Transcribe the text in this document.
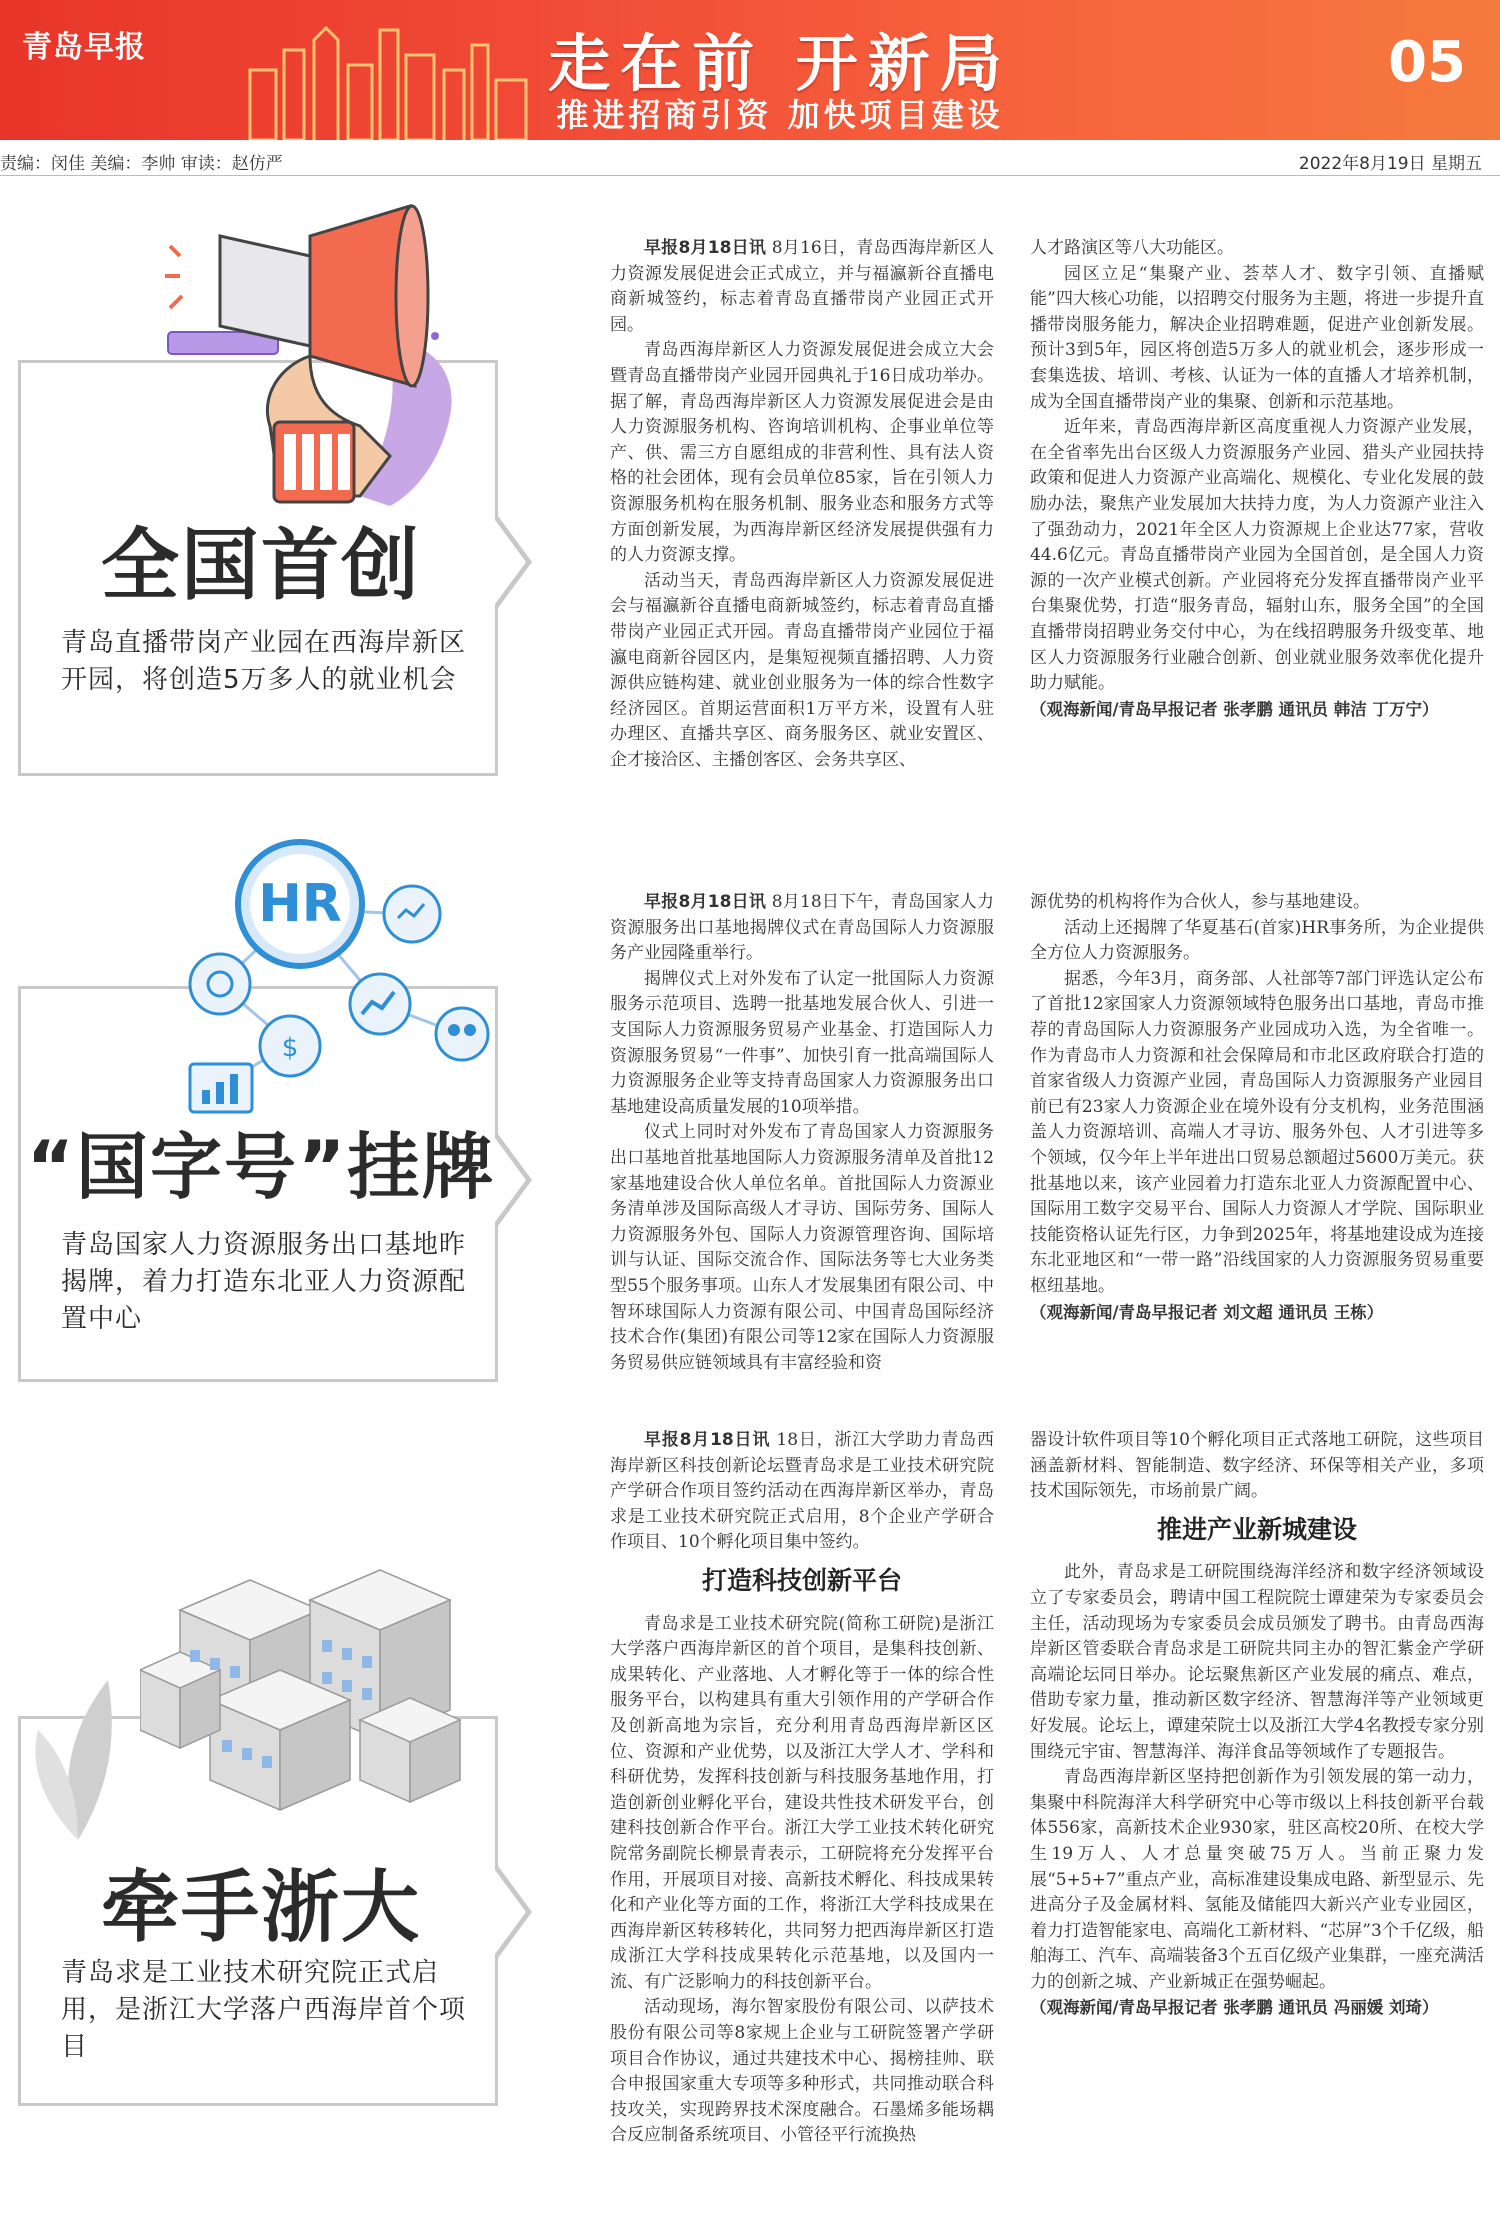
青岛早报	走在前 开新局
推进招商引资 加快项目建设
05
责编：闵佳 美编：李帅 审读：赵仿严	2022年8月19日 星期五
全国首创
青岛直播带岗产业园在西海岸新区开园，将创造5万多人的就业机会

早报8月18日讯 8月16日，青岛西海岸新区人力资源发展促进会正式成立，并与福瀛新谷直播电商新城签约，标志着青岛直播带岗产业园正式开园。

青岛西海岸新区人力资源发展促进会成立大会暨青岛直播带岗产业园开园典礼于16日成功举办。据了解，青岛西海岸新区人力资源发展促进会是由人力资源服务机构、咨询培训机构、企事业单位等产、供、需三方自愿组成的非营利性、具有法人资格的社会团体，现有会员单位85家，旨在引领人力资源服务机构在服务机制、服务业态和服务方式等方面创新发展，为西海岸新区经济发展提供强有力的人力资源支撑。

活动当天，青岛西海岸新区人力资源发展促进会与福瀛新谷直播电商新城签约，标志着青岛直播带岗产业园正式开园。青岛直播带岗产业园位于福瀛电商新谷园区内，是集短视频直播招聘、人力资源供应链构建、就业创业服务为一体的综合性数字经济园区。首期运营面积1万平方米，设置有人驻办理区、直播共享区、商务服务区、就业安置区、企才接洽区、主播创客区、会务共享区、

人才路演区等八大功能区。

园区立足“集聚产业、荟萃人才、数字引领、直播赋能”四大核心功能，以招聘交付服务为主题，将进一步提升直播带岗服务能力，解决企业招聘难题，促进产业创新发展。预计3到5年，园区将创造5万多人的就业机会，逐步形成一套集选拔、培训、考核、认证为一体的直播人才培养机制，成为全国直播带岗产业的集聚、创新和示范基地。

近年来，青岛西海岸新区高度重视人力资源产业发展，在全省率先出台区级人力资源服务产业园、猎头产业园扶持政策和促进人力资源产业高端化、规模化、专业化发展的鼓励办法，聚焦产业发展加大扶持力度，为人力资源产业注入了强劲动力，2021年全区人力资源规上企业达77家，营收44.6亿元。青岛直播带岗产业园为全国首创，是全国人力资源的一次产业模式创新。产业园将充分发挥直播带岗产业平台集聚优势，打造“服务青岛，辐射山东，服务全国”的全国直播带岗招聘业务交付中心，为在线招聘服务升级变革、地区人力资源服务行业融合创新、创业就业服务效率优化提升助力赋能。

（观海新闻/青岛早报记者 张孝鹏 通讯员 韩洁 丁万宁）

“国字号”挂牌
青岛国家人力资源服务出口基地昨揭牌，着力打造东北亚人力资源配置中心
$
HR	早报8月18日讯 8月18日下午，青岛国家人力资源服务出口基地揭牌仪式在青岛国际人力资源服务产业园隆重举行。

揭牌仪式上对外发布了认定一批国际人力资源服务示范项目、选聘一批基地发展合伙人、引进一支国际人力资源服务贸易产业基金、打造国际人力资源服务贸易“一件事”、加快引育一批高端国际人力资源服务企业等支持青岛国家人力资源服务出口基地建设高质量发展的10项举措。

仪式上同时对外发布了青岛国家人力资源服务出口基地首批基地国际人力资源服务清单及首批12家基地建设合伙人单位名单。首批国际人力资源业务清单涉及国际高级人才寻访、国际劳务、国际人力资源服务外包、国际人力资源管理咨询、国际培训与认证、国际交流合作、国际法务等七大业务类型55个服务事项。山东人才发展集团有限公司、中智环球国际人力资源有限公司、中国青岛国际经济技术合作(集团)有限公司等12家在国际人力资源服务贸易供应链领域具有丰富经验和资

源优势的机构将作为合伙人，参与基地建设。

活动上还揭牌了华夏基石(首家)HR事务所，为企业提供全方位人力资源服务。

据悉，今年3月，商务部、人社部等7部门评选认定公布了首批12家国家人力资源领域特色服务出口基地，青岛市推荐的青岛国际人力资源服务产业园成功入选，为全省唯一。作为青岛市人力资源和社会保障局和市北区政府联合打造的首家省级人力资源产业园，青岛国际人力资源服务产业园目前已有23家人力资源企业在境外设有分支机构，业务范围涵盖人力资源培训、高端人才寻访、服务外包、人才引进等多个领域，仅今年上半年进出口贸易总额超过5600万美元。获批基地以来，该产业园着力打造东北亚人力资源配置中心、国际用工数字交易平台、国际人力资源人才学院、国际职业技能资格认证先行区，力争到2025年，将基地建设成为连接东北亚地区和“一带一路”沿线国家的人力资源服务贸易重要枢纽基地。

（观海新闻/青岛早报记者 刘文超 通讯员 王栋）

牵手浙大
青岛求是工业技术研究院正式启用，是浙江大学落户西海岸首个项目

早报8月18日讯 18日，浙江大学助力青岛西海岸新区科技创新论坛暨青岛求是工业技术研究院产学研合作项目签约活动在西海岸新区举办，青岛求是工业技术研究院正式启用，8个企业产学研合作项目、10个孵化项目集中签约。

打造科技创新平台

青岛求是工业技术研究院(简称工研院)是浙江大学落户西海岸新区的首个项目，是集科技创新、成果转化、产业落地、人才孵化等于一体的综合性服务平台，以构建具有重大引领作用的产学研合作及创新高地为宗旨，充分利用青岛西海岸新区区位、资源和产业优势，以及浙江大学人才、学科和科研优势，发挥科技创新与科技服务基地作用，打造创新创业孵化平台，建设共性技术研发平台，创建科技创新合作平台。浙江大学工业技术转化研究院常务副院长柳景青表示，工研院将充分发挥平台作用，开展项目对接、高新技术孵化、科技成果转化和产业化等方面的工作，将浙江大学科技成果在西海岸新区转移转化，共同努力把西海岸新区打造成浙江大学科技成果转化示范基地，以及国内一流、有广泛影响力的科技创新平台。

活动现场，海尔智家股份有限公司、以萨技术股份有限公司等8家规上企业与工研院签署产学研项目合作协议，通过共建技术中心、揭榜挂帅、联合申报国家重大专项等多种形式，共同推动联合科技攻关，实现跨界技术深度融合。石墨烯多能场耦合反应制备系统项目、小管径平行流换热

器设计软件项目等10个孵化项目正式落地工研院，这些项目涵盖新材料、智能制造、数字经济、环保等相关产业，多项技术国际领先，市场前景广阔。

推进产业新城建设

此外，青岛求是工研院围绕海洋经济和数字经济领域设立了专家委员会，聘请中国工程院院士谭建荣为专家委员会主任，活动现场为专家委员会成员颁发了聘书。由青岛西海岸新区管委联合青岛求是工研院共同主办的智汇紫金产学研高端论坛同日举办。论坛聚焦新区产业发展的痛点、难点，借助专家力量，推动新区数字经济、智慧海洋等产业领域更好发展。论坛上，谭建荣院士以及浙江大学4名教授专家分别围绕元宇宙、智慧海洋、海洋食品等领域作了专题报告。

青岛西海岸新区坚持把创新作为引领发展的第一动力，集聚中科院海洋大科学研究中心等市级以上科技创新平台载体556家，高新技术企业930家，驻区高校20所、在校大学生19万人、人才总量突破75万人。当前正聚力发展“5+5+7”重点产业，高标准建设集成电路、新型显示、先进高分子及金属材料、氢能及储能四大新兴产业专业园区，着力打造智能家电、高端化工新材料、“芯屏”3个千亿级，船舶海工、汽车、高端装备3个五百亿级产业集群，一座充满活力的创新之城、产业新城正在强势崛起。

（观海新闻/青岛早报记者 张孝鹏 通讯员 冯丽媛 刘琦）
